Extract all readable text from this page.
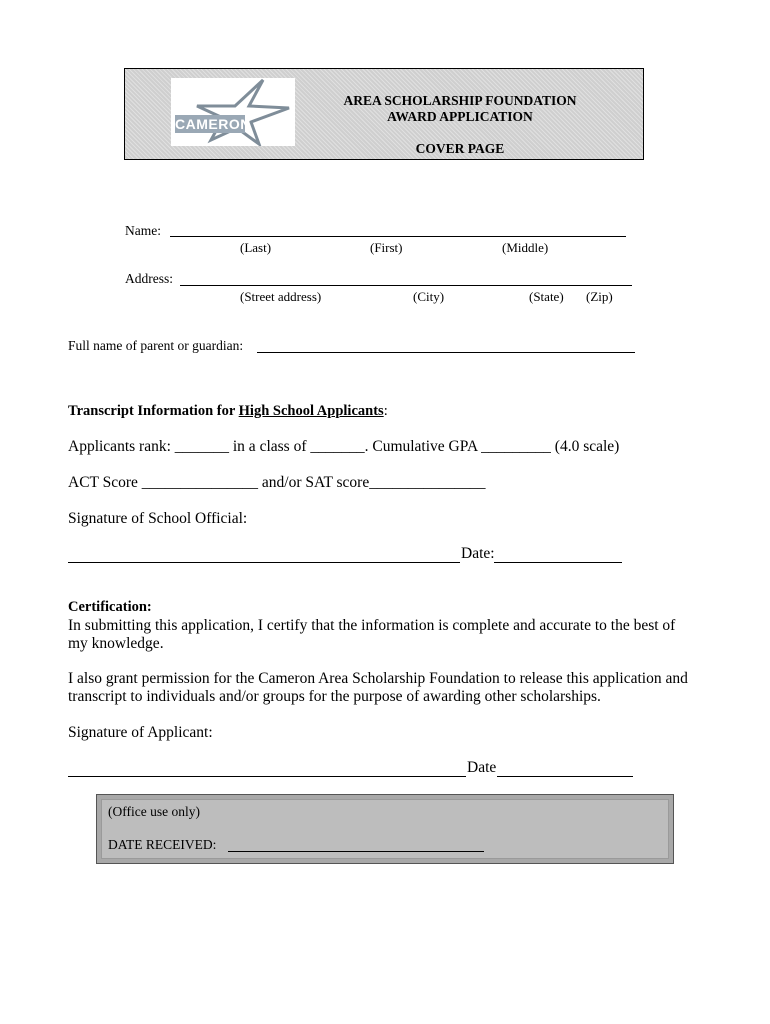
CAMERON
AREA SCHOLARSHIP FOUNDATION
AWARD APPLICATION
COVER PAGE
Name:
(Last)	(First)	(Middle)
Address:
(Street address)	(City)	(State) (Zip)
Full name of parent or guardian:
Transcript Information for High School Applicants:
Applicants rank: _______ in a class of _______. Cumulative GPA _________ (4.0 scale)
ACT Score _______________ and/or SAT score_______________
Signature of School Official:
Date:
Certification:
In submitting this application, I certify that the information is complete and accurate to the best of my knowledge.
I also grant permission for the Cameron Area Scholarship Foundation to release this application and transcript to individuals and/or groups for the purpose of awarding other scholarships.
Signature of Applicant:
Date
(Office use only)
DATE RECEIVED:
